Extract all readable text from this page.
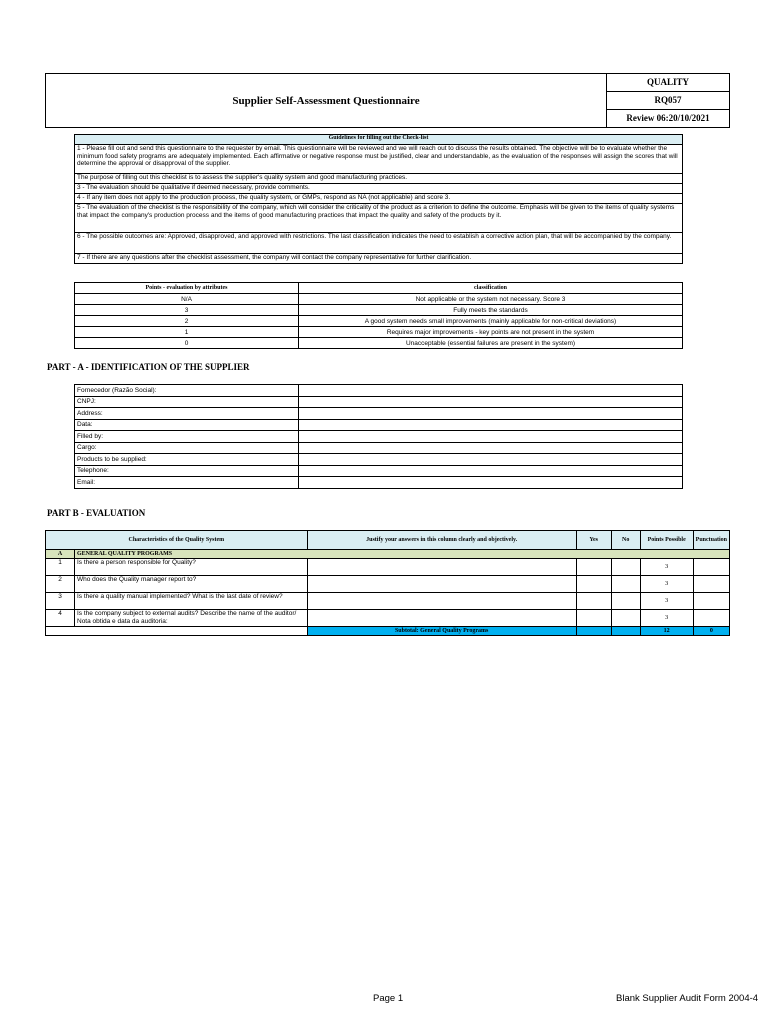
Supplier Self-Assessment Questionnaire	QUALITY
RQ057
Review 06:20/10/2021
Guidelines for filling out the Check-list
1 - Please fill out and send this questionnaire to the requester by email. This questionnaire will be reviewed and we will reach out to discuss the results obtained. The objective will be to evaluate whether the minimum food safety programs are adequately implemented. Each affirmative or negative response must be justified, clear and understandable, as the evaluation of the responses will assign the scores that will determine the approval or disapproval of the supplier.
The purpose of filling out this checklist is to assess the supplier's quality system and good manufacturing practices.
3 - The evaluation should be qualitative if deemed necessary, provide comments.
4 - If any item does not apply to the production process, the quality system, or GMPs, respond as NA (not applicable) and score 3.
5 - The evaluation of the checklist is the responsibility of the company, which will consider the criticality of the product as a criterion to define the outcome. Emphasis will be given to the items of quality systems that impact the company's production process and the items of good manufacturing practices that impact the quality and safety of the products by it.
6 - The possible outcomes are: Approved, disapproved, and approved with restrictions. The last classification indicates the need to establish a corrective action plan, that will be accompanied by the company.
7 - If there are any questions after the checklist assessment, the company will contact the company representative for further clarification.
Points - evaluation by attributes	classification
N/A	Not applicable or the system not necessary. Score 3
3	Fully meets the standards
2	A good system needs small improvements (mainly applicable for non-critical deviations)
1	Requires major improvements - key points are not present in the system
0	Unacceptable (essential failures are present in the system)
PART - A - IDENTIFICATION OF THE SUPPLIER
Fornecedor (Razão Social):	
CNPJ:	
Address:	
Data:	
Filled by:	
Cargo:	
Products to be supplied:	
Telephone:	
Email:	
PART B - EVALUATION
Characteristics of the Quality System		Justify your answers in this column clearly and objectively.	Yes	No	Points Possible	Punctuation
A	GENERAL QUALITY PROGRAMS					
1	Is there a person responsible for Quality?				3	
2	Who does the Quality manager report to?				3	
3	Is there a quality manual implemented? What is the last date of review?				3	
4	Is the company subject to external audits? Describe the name of the auditor/ Nota obtida e data da auditoria:				3	
		Subtotal: General Quality Programs			12	0
Page 1	Blank Supplier Audit Form 2004-4
